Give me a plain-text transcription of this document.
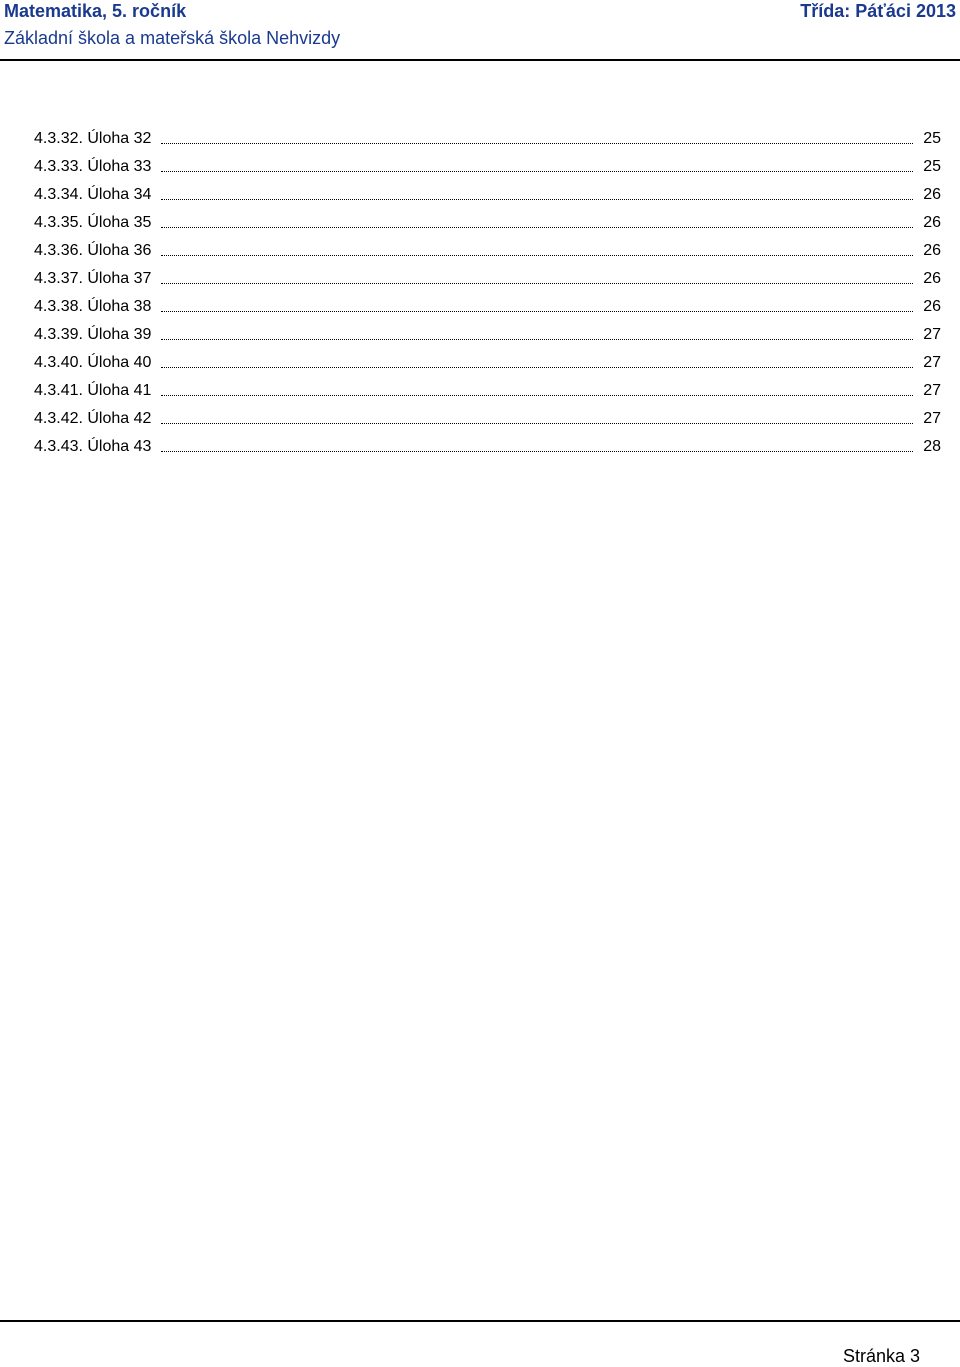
Matematika, 5. ročník	Třída: Páťáci 2013
Základní škola a mateřská škola Nehvizdy
4.3.32. Úloha 32	25
4.3.33. Úloha 33	25
4.3.34. Úloha 34	26
4.3.35. Úloha 35	26
4.3.36. Úloha 36	26
4.3.37. Úloha 37	26
4.3.38. Úloha 38	26
4.3.39. Úloha 39	27
4.3.40. Úloha 40	27
4.3.41. Úloha 41	27
4.3.42. Úloha 42	27
4.3.43. Úloha 43	28
Stránka 3
